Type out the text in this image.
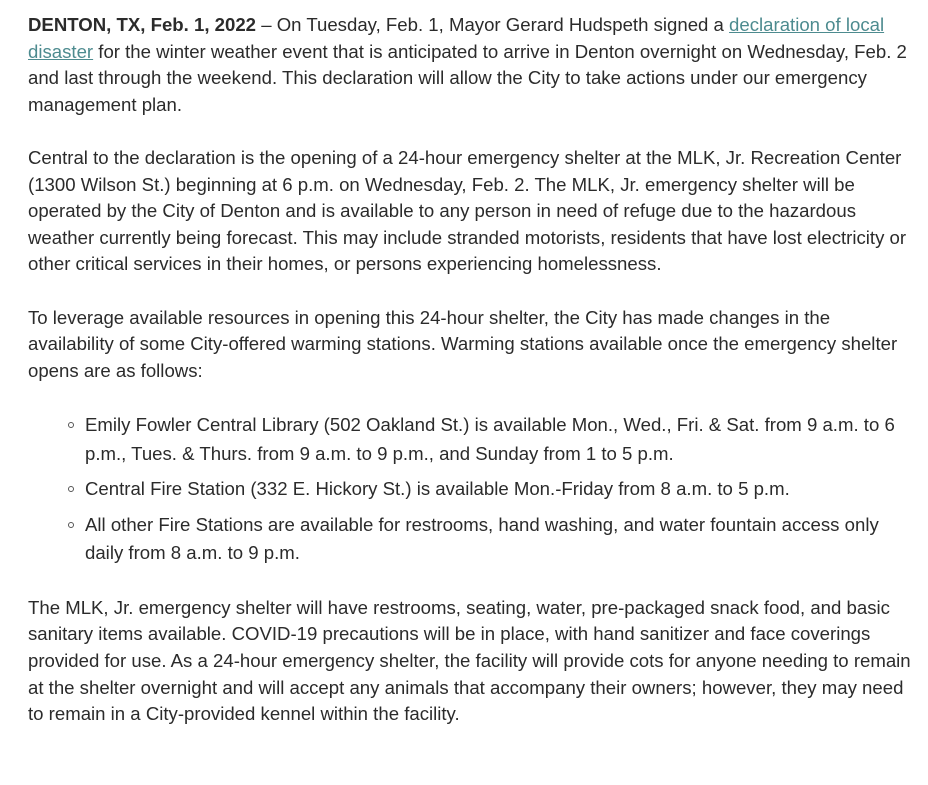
DENTON, TX, Feb. 1, 2022 – On Tuesday, Feb. 1, Mayor Gerard Hudspeth signed a declaration of local disaster for the winter weather event that is anticipated to arrive in Denton overnight on Wednesday, Feb. 2 and last through the weekend. This declaration will allow the City to take actions under our emergency management plan.

Central to the declaration is the opening of a 24-hour emergency shelter at the MLK, Jr. Recreation Center (1300 Wilson St.) beginning at 6 p.m. on Wednesday, Feb. 2. The MLK, Jr. emergency shelter will be operated by the City of Denton and is available to any person in need of refuge due to the hazardous weather currently being forecast. This may include stranded motorists, residents that have lost electricity or other critical services in their homes, or persons experiencing homelessness.

To leverage available resources in opening this 24-hour shelter, the City has made changes in the availability of some City-offered warming stations. Warming stations available once the emergency shelter opens are as follows:

Emily Fowler Central Library (502 Oakland St.) is available Mon., Wed., Fri. & Sat. from 9 a.m. to 6 p.m., Tues. & Thurs. from 9 a.m. to 9 p.m., and Sunday from 1 to 5 p.m.
Central Fire Station (332 E. Hickory St.) is available Mon.-Friday from 8 a.m. to 5 p.m.
All other Fire Stations are available for restrooms, hand washing, and water fountain access only daily from 8 a.m. to 9 p.m.

The MLK, Jr. emergency shelter will have restrooms, seating, water, pre-packaged snack food, and basic sanitary items available. COVID-19 precautions will be in place, with hand sanitizer and face coverings provided for use. As a 24-hour emergency shelter, the facility will provide cots for anyone needing to remain at the shelter overnight and will accept any animals that accompany their owners; however, they may need to remain in a City-provided kennel within the facility.
